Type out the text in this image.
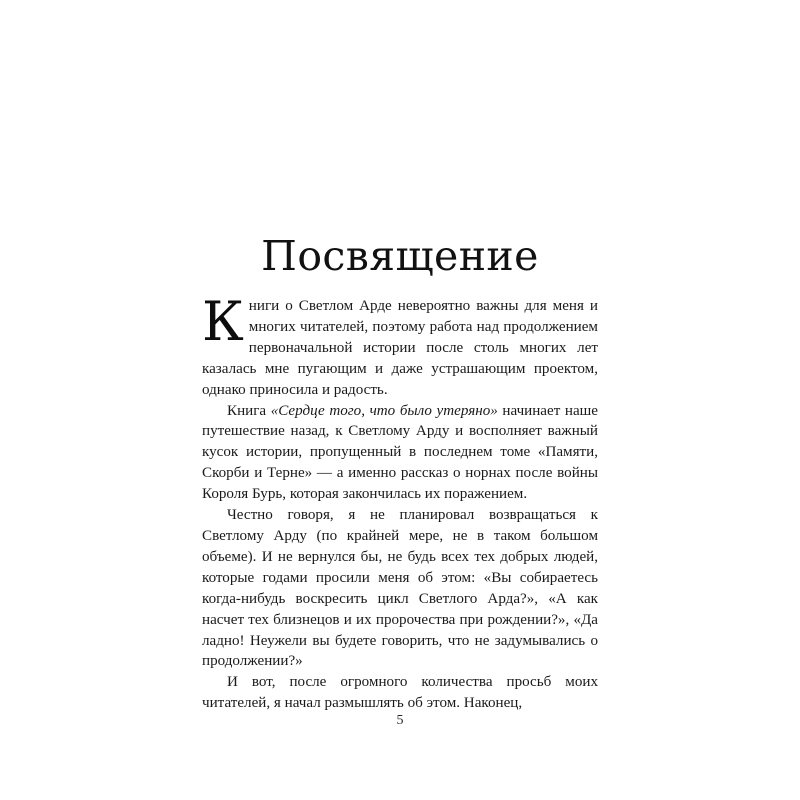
Посвящение

Книги о Светлом Арде невероятно важны для меня и многих читателей, поэтому работа над продолжением первоначальной истории после столь многих лет казалась мне пугающим и даже устрашающим проектом, однако приносила и радость.

Книга «Сердце того, что было утеряно» начинает наше путешествие назад, к Светлому Арду и восполняет важный кусок истории, пропущенный в последнем томе «Памяти, Скорби и Терне» — а именно рассказ о норнах после войны Короля Бурь, которая закончилась их поражением.

Честно говоря, я не планировал возвращаться к Светлому Арду (по крайней мере, не в таком большом объеме). И не вернулся бы, не будь всех тех добрых людей, которые годами просили меня об этом: «Вы собираетесь когда-нибудь воскресить цикл Светлого Арда?», «А как насчет тех близнецов и их пророчества при рождении?», «Да ладно! Неужели вы будете говорить, что не задумывались о продолжении?»

И вот, после огромного количества просьб моих читателей, я начал размышлять об этом. Наконец,

5
